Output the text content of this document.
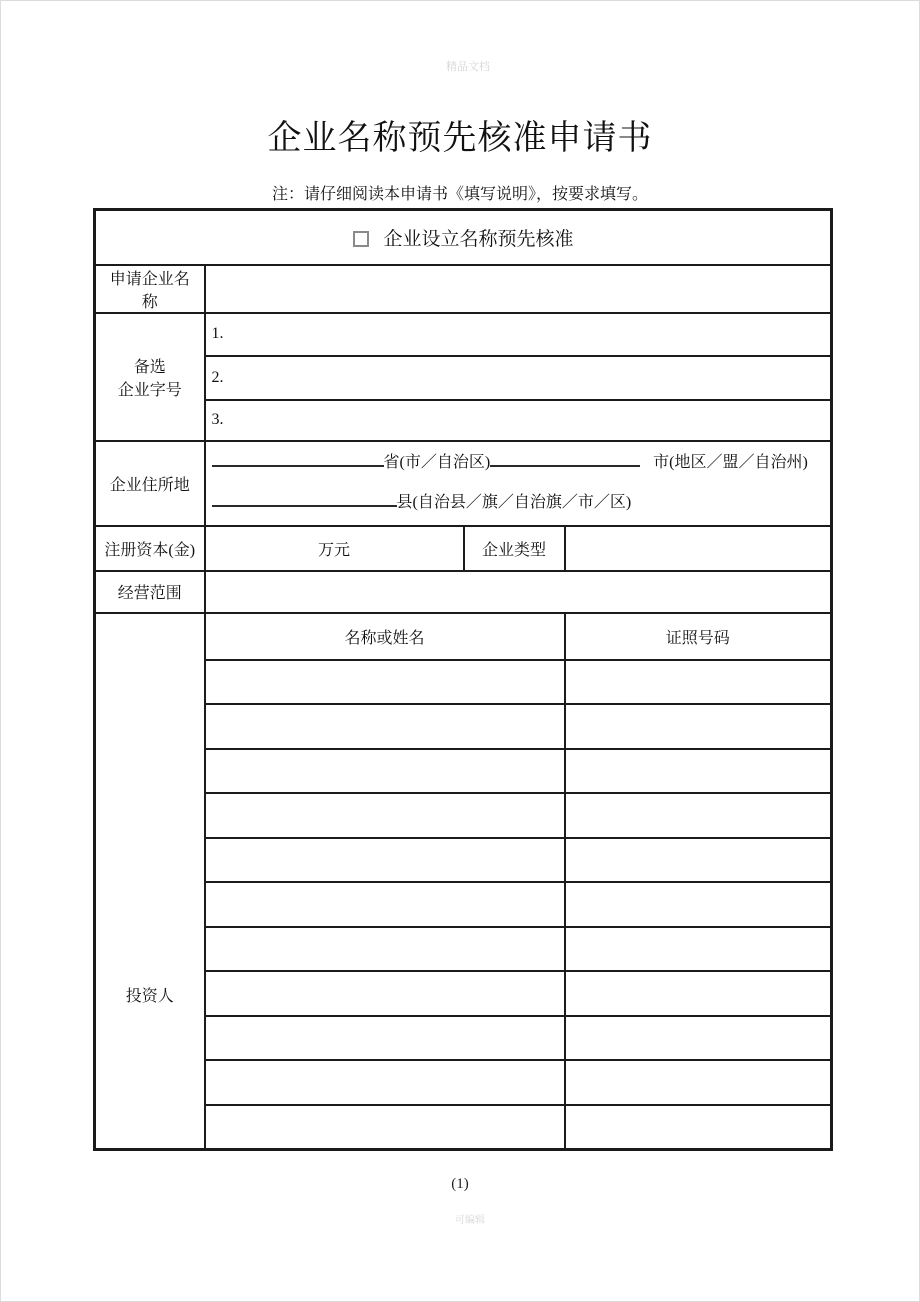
精品文档
企业名称预先核准申请书
注：请仔细阅读本申请书《填写说明》，按要求填写。
企业设立名称预先核准			
申请企业名称			

备选
企业字号	1.		
	2.		
	3.		
企业住所地	省(市／自治区) 市(地区／盟／自治州)
县(自治县／旗／自治旗／市／区)		

注册资本(金)	万元	企业类型	
经营范围			

投资人	名称或姓名		证照号码

(1)
可编辑
